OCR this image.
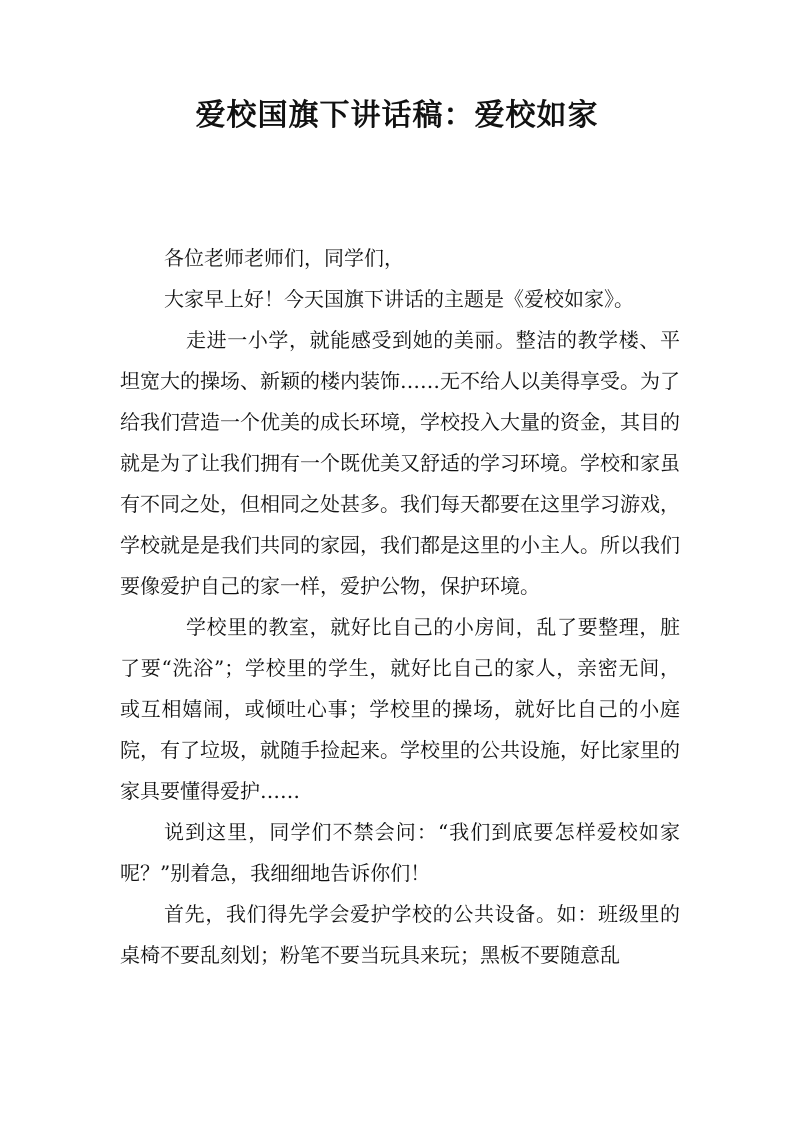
爱校国旗下讲话稿：爱校如家

各位老师老师们，同学们，

大家早上好！今天国旗下讲话的主题是《爱校如家》。

走进一小学，就能感受到她的美丽。整洁的教学楼、平坦宽大的操场、新颖的楼内装饰……无不给人以美得享受。为了给我们营造一个优美的成长环境，学校投入大量的资金，其目的就是为了让我们拥有一个既优美又舒适的学习环境。学校和家虽有不同之处，但相同之处甚多。我们每天都要在这里学习游戏，学校就是是我们共同的家园，我们都是这里的小主人。所以我们要像爱护自己的家一样，爱护公物，保护环境。

学校里的教室，就好比自己的小房间，乱了要整理，脏了要“洗浴”；学校里的学生，就好比自己的家人，亲密无间，或互相嬉闹，或倾吐心事；学校里的操场，就好比自己的小庭院，有了垃圾，就随手捡起来。学校里的公共设施，好比家里的家具要懂得爱护……

说到这里，同学们不禁会问：“我们到底要怎样爱校如家呢？”别着急，我细细地告诉你们！

首先，我们得先学会爱护学校的公共设备。如：班级里的桌椅不要乱刻划；粉笔不要当玩具来玩；黑板不要随意乱
